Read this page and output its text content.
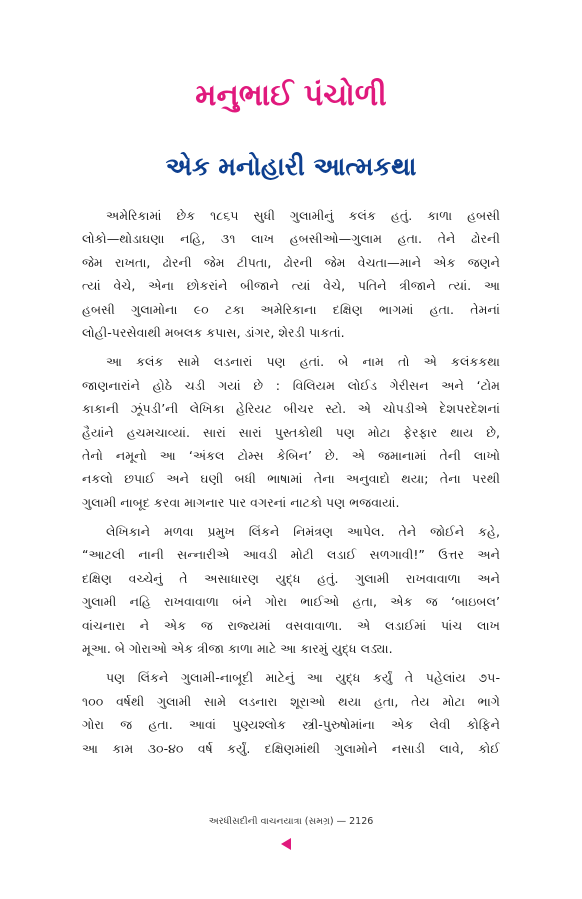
મનુભાઈ પંચોળી
એક મનોહારી આત્મકથા
અમેરિકામાં છેક ૧૮૬૫ સુધી ગુલામીનું કલંક હતું. કાળા હબસી
લોકો—થોડાઘણા નહિ, ૩૧ લાખ હબસીઓ—ગુલામ હતા. તેને ઢોરની
જેમ રાખતા, ઢોરની જેમ ટીપતા, ઢોરની જેમ વેચતા—માને એક જણને
ત્યાં વેચે, એના છોકરાંને બીજાને ત્યાં વેચે, પતિને ત્રીજાને ત્યાં. આ
હબસી ગુલામોના ૯૦ ટકા અમેરિકાના દક્ષિણ ભાગમાં હતા. તેમનાં
લોહી-પરસેવાથી મબલક કપાસ, ડાંગર, શેરડી પાકતાં.
આ કલંક સામે લડનારાં પણ હતાં. બે નામ તો એ કલંકકથા
જાણનારાંને હોઠે ચડી ગયાં છે : વિલિયમ લોઈડ ગેરીસન અને ‘ટોમ
કાકાની ઝૂંપડી’ની લેખિકા હેરિયટ બીચર સ્ટો. એ ચોપડીએ દેશપરદેશનાં
હૈયાંને હચમચાવ્યાં. સારાં સારાં પુસ્તકોથી પણ મોટા ફેરફાર થાય છે,
તેનો નમૂનો આ ‘અંકલ ટોમ્સ કેબિન’ છે. એ જમાનામાં તેની લાખો
નકલો છપાઈ અને ઘણી બધી ભાષામાં તેના અનુવાદો થયા; તેના પરથી
ગુલામી નાબૂદ કરવા માગનાર પાર વગરનાં નાટકો પણ ભજવાયાં.
લેખિકાને મળવા પ્રમુખ લિંકને નિમંત્રણ આપેલ. તેને જોઈને કહે,
“આટલી નાની સન્નારીએ આવડી મોટી લડાઈ સળગાવી!” ઉત્તર અને
દક્ષિણ વચ્ચેનું તે અસાધારણ યુદ્ધ હતું. ગુલામી રાખવાવાળા અને
ગુલામી નહિ રાખવાવાળા બંને ગોરા ભાઈઓ હતા, એક જ ‘બાઇબલ’
વાંચનારા ને એક જ રાજ્યમાં વસવાવાળા. એ લડાઈમાં પાંચ લાખ
મૂઆ. બે ગોરાઓ એક ત્રીજા કાળા માટે આ કારમું યુદ્ધ લડ્યા.
પણ લિંકને ગુલામી-નાબૂદી માટેનું આ યુદ્ધ કર્યું તે પહેલાંય ૭૫-
૧૦૦ વર્ષથી ગુલામી સામે લડનારા શૂરાઓ થયા હતા, તેય મોટા ભાગે
ગોરા જ હતા. આવાં પુણ્યશ્લોક સ્ત્રી-પુરુષોમાંના એક લેવી કોફિને
આ કામ ૩૦-૪૦ વર્ષ કર્યું. દક્ષિણમાંથી ગુલામોને નસાડી લાવે, કોઈ
અરધીસદીની વાચનયાત્રા (સમગ્ર) — 2126
